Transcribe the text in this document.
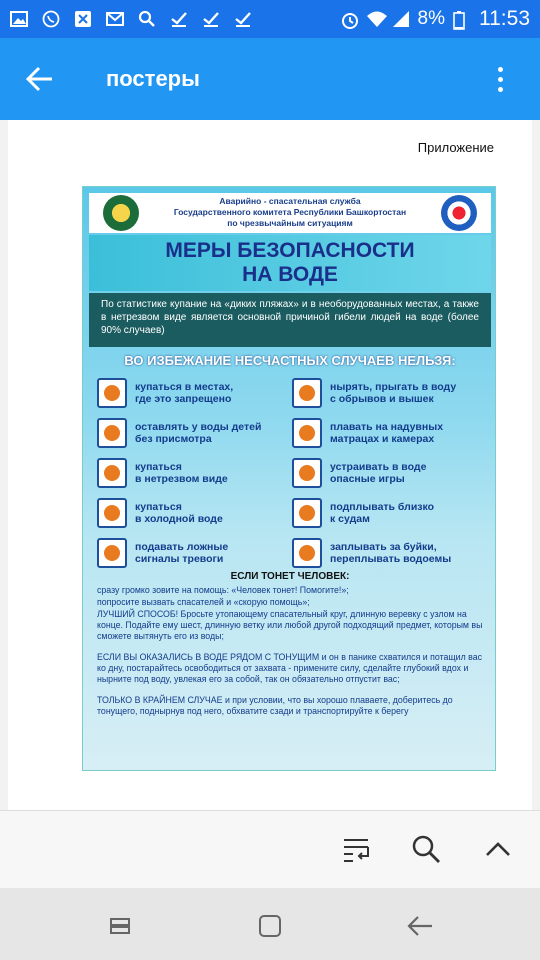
8% 11:53
постеры
Приложение
Аварийно - спасательная служба
Государственного комитета Республики Башкортостан
по чрезвычайным ситуациям
МЕРЫ БЕЗОПАСНОСТИ
НА ВОДЕ
По статистике купание на «диких пляжах» и в необорудованных местах, а также в нетрезвом виде является основной причиной гибели людей на воде (более 90% случаев)
ВО ИЗБЕЖАНИЕ НЕСЧАСТНЫХ СЛУЧАЕВ НЕЛЬЗЯ:
купаться в местах,
где это запрещено
нырять, прыгать в воду
с обрывов и вышек
оставлять у воды детей
без присмотра
плавать на надувных
матрацах и камерах
купаться
в нетрезвом виде
устраивать в воде
опасные игры
купаться
в холодной воде
подплывать близко
к судам
подавать ложные
сигналы тревоги
заплывать за буйки,
переплывать водоемы
ЕСЛИ ТОНЕТ ЧЕЛОВЕК:

сразу громко зовите на помощь: «Человек тонет! Помогите!»;

попросите вызвать спасателей и «скорую помощь»;

ЛУЧШИЙ СПОСОБ! Бросьте утопающему спасательный круг, длинную веревку с узлом на конце. Подайте ему шест, длинную ветку или любой другой подходящий предмет, которым вы сможете вытянуть его из воды;

ЕСЛИ ВЫ ОКАЗАЛИСЬ В ВОДЕ РЯДОМ С ТОНУЩИМ и он в панике схватился и потащил вас ко дну, постарайтесь освободиться от захвата - примените силу, сделайте глубокий вдох и нырните под воду, увлекая его за собой, так он обязательно отпустит вас;

ТОЛЬКО В КРАЙНЕМ СЛУЧАЕ и при условии, что вы хорошо плаваете, доберитесь до тонущего, поднырнув под него, обхватите сзади и транспортируйте к берегу
